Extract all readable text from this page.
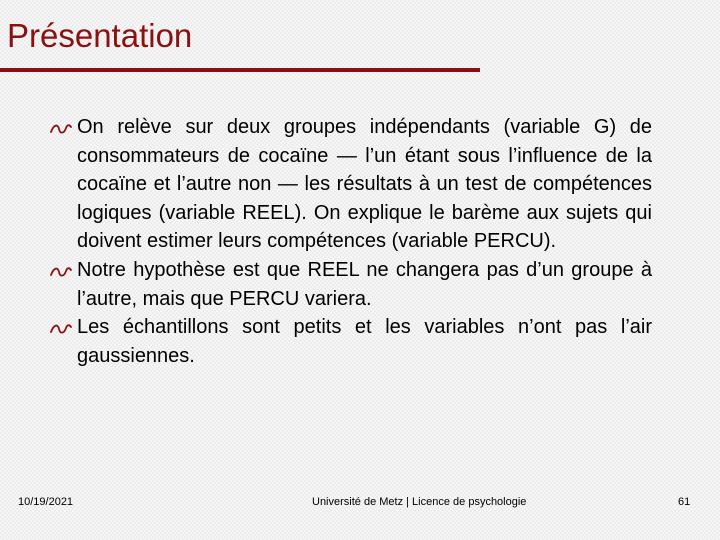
Présentation
On relève sur deux groupes indépendants (variable G) de consommateurs de cocaïne — l’un étant sous l’influence de la cocaïne et l’autre non — les résultats à un test de compétences logiques (variable REEL). On explique le barème aux sujets qui doivent estimer leurs compétences (variable PERCU).
Notre hypothèse est que REEL ne changera pas d’un groupe à l’autre, mais que PERCU variera.
Les échantillons sont petits et les variables n’ont pas l’air gaussiennes.
10/19/2021	Université de Metz | Licence de psychologie	61
